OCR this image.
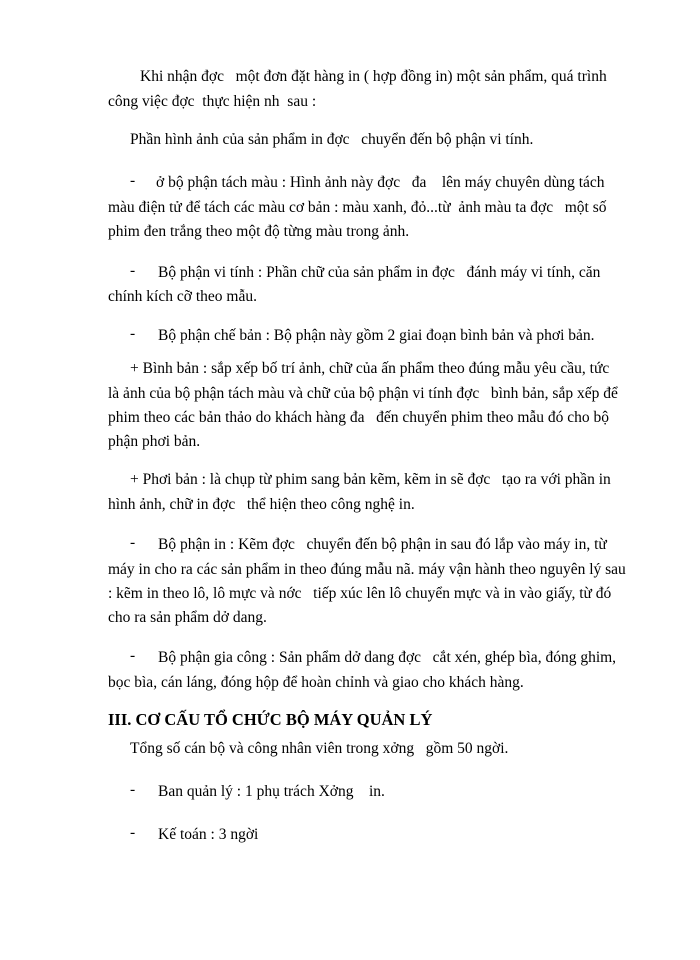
Khi nhận đợc   một đơn đặt hàng in ( hợp đồng in) một sản phẩm, quá trình
công việc đợc  thực hiện nh  sau :
Phần hình ảnh của sản phẩm in đợc   chuyển đến bộ phận vi tính.
- ở bộ phận tách màu : Hình ảnh này đợc   đa    lên máy chuyên dùng tách
màu điện tử để tách các màu cơ bản : màu xanh, đỏ...từ  ảnh màu ta đợc   một số
phim đen trắng theo một độ từng màu trong ảnh.
- Bộ phận vi tính : Phần chữ của sản phẩm in đợc   đánh máy vi tính, căn
chính kích cỡ theo mẫu.
- Bộ phận chế bản : Bộ phận này gồm 2 giai đoạn bình bản và phơi bản.
+ Bình bản : sắp xếp bố trí ảnh, chữ của ấn phẩm theo đúng mẫu yêu cầu, tức
là ảnh của bộ phận tách màu và chữ của bộ phận vi tính đợc   bình bản, sắp xếp để
phim theo các bản thảo do khách hàng đa   đến chuyển phim theo mẫu đó cho bộ
phận phơi bản.
+ Phơi bản : là chụp từ phim sang bản kẽm, kẽm in sẽ đợc   tạo ra với phần in
hình ảnh, chữ in đợc   thể hiện theo công nghệ in.
- Bộ phận in : Kẽm đợc   chuyển đến bộ phận in sau đó lắp vào máy in, từ
máy in cho ra các sản phẩm in theo đúng mẫu nã. máy vận hành theo nguyên lý sau
: kẽm in theo lô, lô mực và nớc   tiếp xúc lên lô chuyển mực và in vào giấy, từ đó
cho ra sản phẩm dở dang.
- Bộ phận gia công : Sản phẩm dở dang đợc   cắt xén, ghép bìa, đóng ghim,
bọc bìa, cán láng, đóng hộp để hoàn chỉnh và giao cho khách hàng.
III. CƠ CẤU TỔ CHỨC BỘ MÁY QUẢN LÝ
Tổng số cán bộ và công nhân viên trong xởng   gồm 50 ngời.
- Ban quản lý : 1 phụ trách Xởng    in.
- Kế toán : 3 ngời
